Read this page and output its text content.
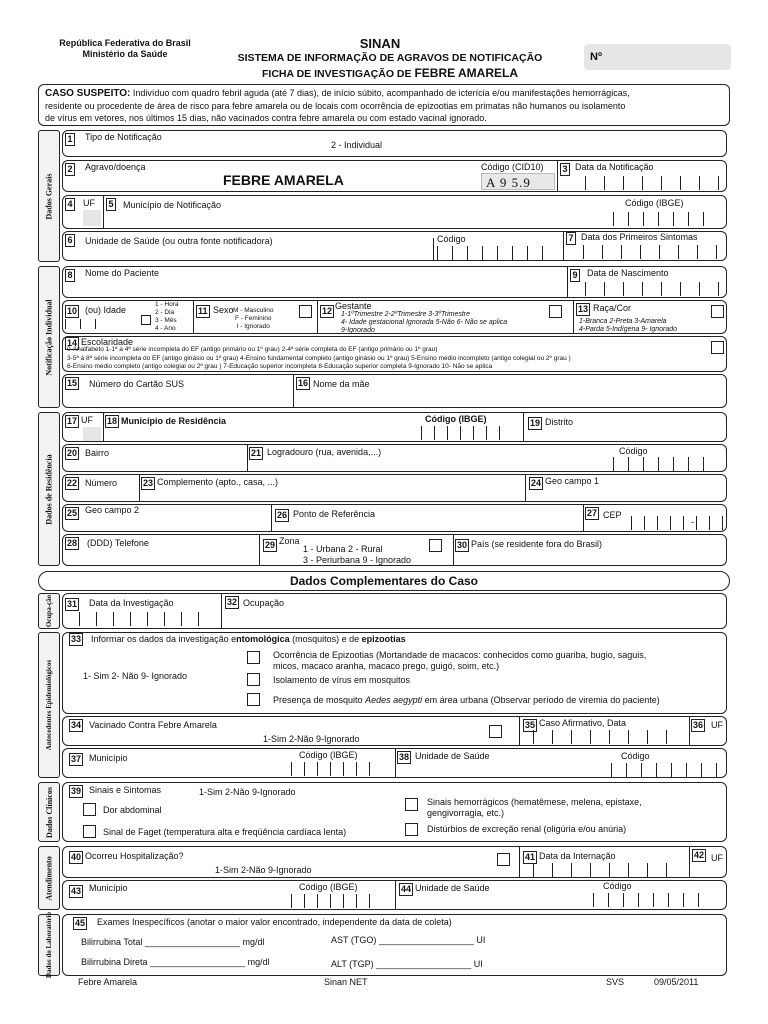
República Federativa do Brasil
Ministério da Saúde
SINAN
SISTEMA DE INFORMAÇÃO DE AGRAVOS DE NOTIFICAÇÃO
FICHA DE INVESTIGAÇÃO DE FEBRE AMARELA
Nº
CASO SUSPEITO: Indivíduo com quadro febril aguda (até 7 dias), de início súbito, acompanhado de icterícia e/ou manifestações hemorrágicas,
residente ou procedente de área de risco para febre amarela ou de locais com ocorrência de epizootias em primatas não humanos ou isolamento
de vírus em vetores, nos últimos 15 dias, não vacinados contra febre amarela ou com estado vacinal ignorado.
Dados Gerais
Notificação Individual
Dados de Residência
Ocupa-ção
Antecedentes Epidemiológicos
Dados Clínicos
Atendimento
Dados do Laboratório
1 Tipo de Notificação
2 - Individual
2 Agravo/doença
FEBRE AMARELA
Código (CID10)
A 9 5.9
3 Data da Notificação
4 UF 5 Município de Notificação	Código (IBGE)
6 Unidade de Saúde (ou outra fonte notificadora)	Código	7 Data dos Primeiros Sintomas
8 Nome do Paciente	9 Data de Nascimento
10 (ou) Idade
1 - Hora
2 - Dia
3 - Mês
4 - Ano
11 Sexo M - Masculino
F - Feminino
I - Ignorado
12 Gestante
1-1ºTrimestre 2-2ºTrimestre 3-3ºTrimestre
4- Idade gestacional Ignorada 5-Não 6- Não se aplica
9-Ignorado
13 Raça/Cor
1-Branca 2-Preta 3-Amarela
4-Parda 5-Indígena 9- Ignorado
14 Escolaridade
0-Analfabeto 1-1ª a 4ª série incompleta do EF (antigo primário ou 1º grau) 2-4ª série completa do EF (antigo primário ou 1º grau)
3-5ª à 8ª série incompleta do EF (antigo ginásio ou 1º grau) 4-Ensino fundamental completo (antigo ginásio ou 1º grau) 5-Ensino médio incompleto (antigo colegial ou 2º grau )
6-Ensino médio completo (antigo colegial ou 2º grau ) 7-Educação superior incompleta 8-Educação superior completa 9-Ignorado 10- Não se aplica
15 Número do Cartão SUS	16 Nome da mãe
17 UF 18 Município de Residência	Código (IBGE)	19 Distrito
20 Bairro	21 Logradouro (rua, avenida,...)	Código
22 Número	23 Complemento (apto., casa, ...)	24 Geo campo 1
25 Geo campo 2	26 Ponto de Referência	27 CEP
-
28 (DDD) Telefone	29 Zona
1 - Urbana 2 - Rural
3 - Periurbana 9 - Ignorado
30 País (se residente fora do Brasil)
Dados Complementares do Caso
31 Data da Investigação	32 Ocupação
33 Informar os dados da investigação entomológica (mosquitos) e de epizootias
1- Sim 2- Não 9- Ignorado
Ocorrência de Epizootias (Mortandade de macacos: conhecidos como guariba, bugio, saguis,
micos, macaco aranha, macaco prego, guigó, soim, etc.)
Isolamento de vírus em mosquitos
Presença de mosquito Aedes aegypti em área urbana (Observar período de viremia do paciente)
34 Vacinado Contra Febre Amarela
1-Sim 2-Não 9-Ignorado
35 Caso Afirmativo, Data	36 UF
37 Município	Código (IBGE)	38 Unidade de Saúde	Código
39 Sinais e Sintomas	1-Sim 2-Não 9-Ignorado
Dor abdominal
Sinal de Faget (temperatura alta e freqüência cardíaca lenta)
Sinais hemorrágicos (hematêmese, melena, epistaxe,
gengivorragia, etc.)
Distúrbios de excreção renal (oligúria e/ou anúria)
40 Ocorreu Hospitalização?
1-Sim 2-Não 9-Ignorado
41 Data da Internação	42 UF
43 Município	Código (IBGE)	44 Unidade de Saúde	Código
45 Exames Inespecíficos (anotar o maior valor encontrado, independente da data de coleta)
Bilirrubina Total ___________________ mg/dl
Bilirrubina Direta ___________________ mg/dl
AST (TGO) ___________________ UI
ALT (TGP) ___________________ UI
Febre Amarela	Sinan NET	SVS	09/05/2011
